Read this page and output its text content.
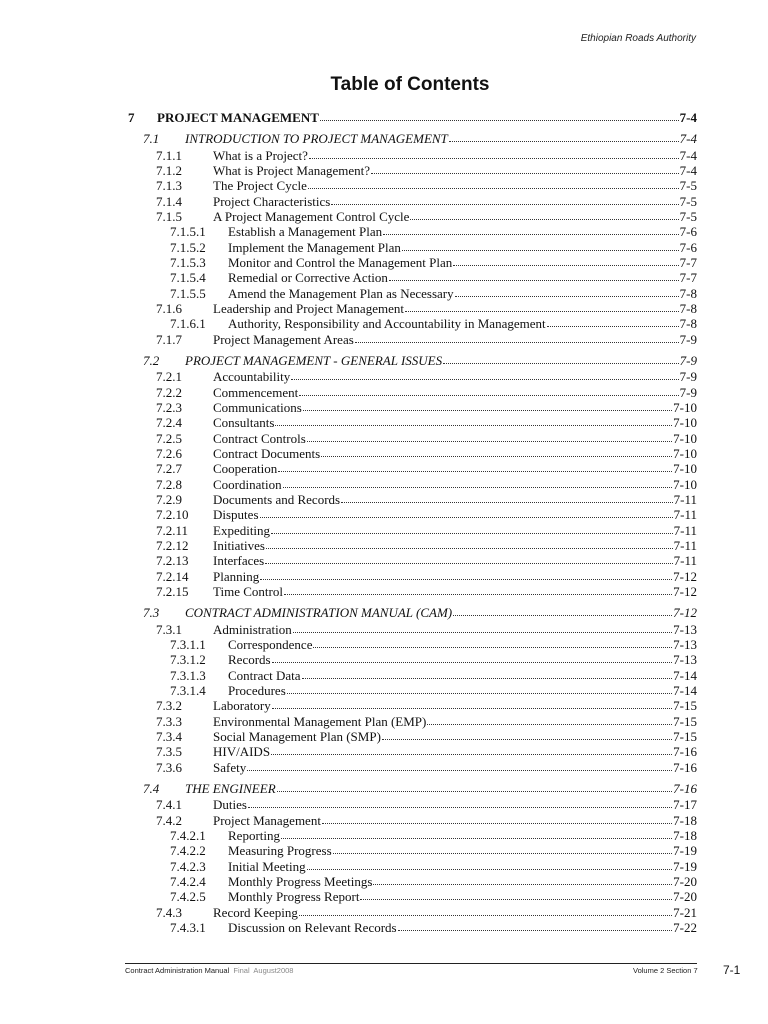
Ethiopian Roads Authority
Table of Contents
7 PROJECT MANAGEMENT	7-4
7.1 INTRODUCTION TO PROJECT MANAGEMENT	7-4
7.1.1 What is a Project?	7-4
7.1.2 What is Project Management?	7-4
7.1.3 The Project Cycle	7-5
7.1.4 Project Characteristics	7-5
7.1.5 A Project Management Control Cycle	7-5
7.1.5.1 Establish a Management Plan	7-6
7.1.5.2 Implement the Management Plan	7-6
7.1.5.3 Monitor and Control the Management Plan	7-7
7.1.5.4 Remedial or Corrective Action	7-7
7.1.5.5 Amend the Management Plan as Necessary	7-8
7.1.6 Leadership and Project Management	7-8
7.1.6.1 Authority, Responsibility and Accountability in Management	7-8
7.1.7 Project Management Areas	7-9
7.2 PROJECT MANAGEMENT - GENERAL ISSUES	7-9
7.2.1 Accountability	7-9
7.2.2 Commencement	7-9
7.2.3 Communications	7-10
7.2.4 Consultants	7-10
7.2.5 Contract Controls	7-10
7.2.6 Contract Documents	7-10
7.2.7 Cooperation	7-10
7.2.8 Coordination	7-10
7.2.9 Documents and Records	7-11
7.2.10 Disputes	7-11
7.2.11 Expediting	7-11
7.2.12 Initiatives	7-11
7.2.13 Interfaces	7-11
7.2.14 Planning	7-12
7.2.15 Time Control	7-12
7.3 CONTRACT ADMINISTRATION MANUAL (CAM)	7-12
7.3.1 Administration	7-13
7.3.1.1 Correspondence	7-13
7.3.1.2 Records	7-13
7.3.1.3 Contract Data	7-14
7.3.1.4 Procedures	7-14
7.3.2 Laboratory	7-15
7.3.3 Environmental Management Plan (EMP)	7-15
7.3.4 Social Management Plan (SMP)	7-15
7.3.5 HIV/AIDS	7-16
7.3.6 Safety	7-16
7.4 THE ENGINEER	7-16
7.4.1 Duties	7-17
7.4.2 Project Management	7-18
7.4.2.1 Reporting	7-18
7.4.2.2 Measuring Progress	7-19
7.4.2.3 Initial Meeting	7-19
7.4.2.4 Monthly Progress Meetings	7-20
7.4.2.5 Monthly Progress Report	7-20
7.4.3 Record Keeping	7-21
7.4.3.1 Discussion on Relevant Records	7-22
Contract Administration Manual Final August2008	Volume 2 Section 7 7-1
